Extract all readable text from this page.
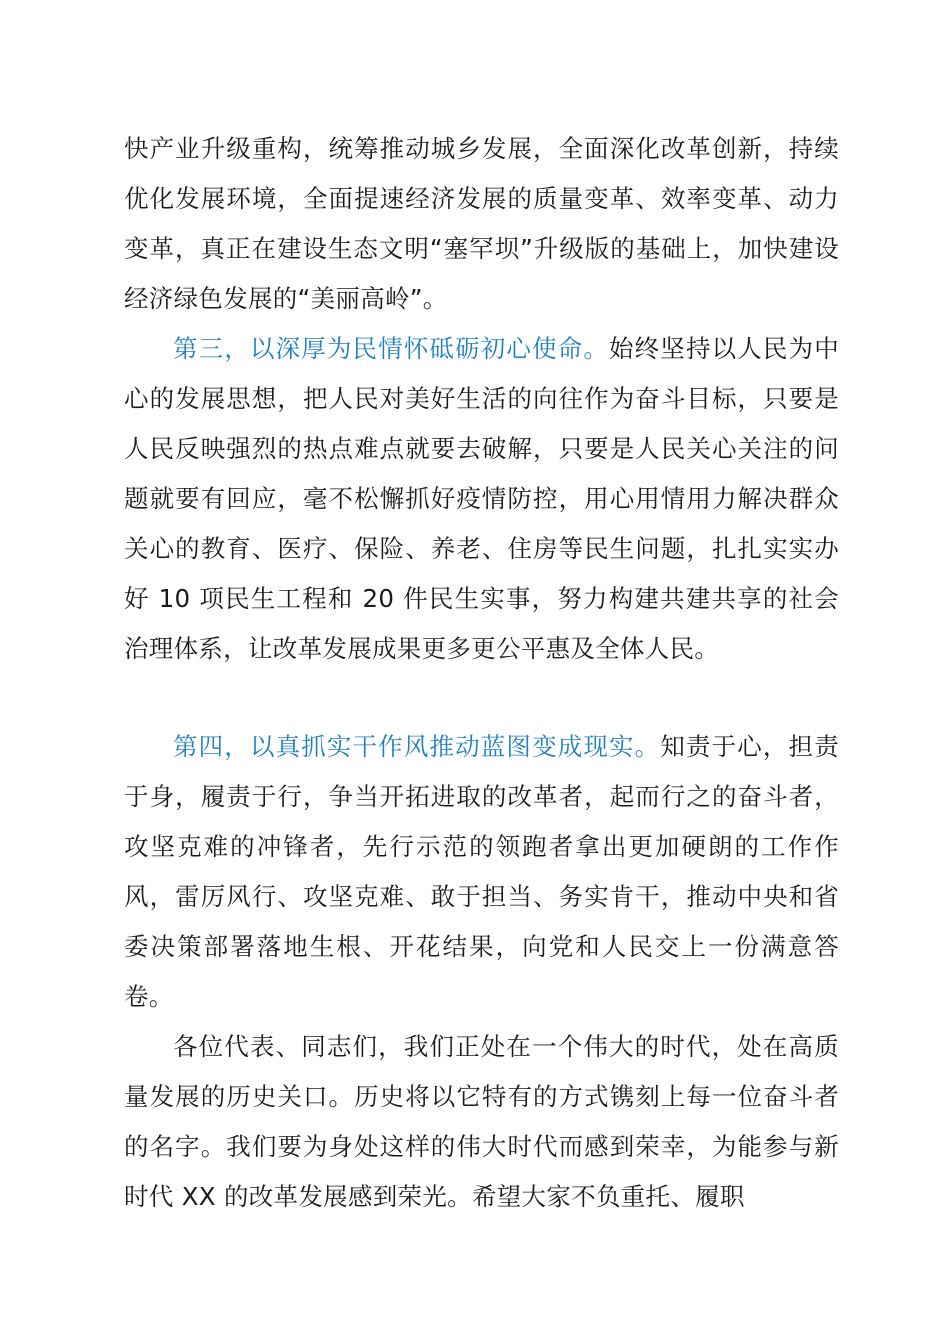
快产业升级重构，统筹推动城乡发展，全面深化改革创新，持续优化发展环境，全面提速经济发展的质量变革、效率变革、动力变革，真正在建设生态文明“塞罕坝”升级版的基础上，加快建设经济绿色发展的“美丽高岭”。

第三，以深厚为民情怀砥砺初心使命。始终坚持以人民为中心的发展思想，把人民对美好生活的向往作为奋斗目标，只要是人民反映强烈的热点难点就要去破解，只要是人民关心关注的问题就要有回应，毫不松懈抓好疫情防控，用心用情用力解决群众关心的教育、医疗、保险、养老、住房等民生问题，扎扎实实办好 10 项民生工程和 20 件民生实事，努力构建共建共享的社会治理体系，让改革发展成果更多更公平惠及全体人民。

第四，以真抓实干作风推动蓝图变成现实。知责于心，担责于身，履责于行，争当开拓进取的改革者，起而行之的奋斗者，攻坚克难的冲锋者，先行示范的领跑者拿出更加硬朗的工作作风，雷厉风行、攻坚克难、敢于担当、务实肯干，推动中央和省委决策部署落地生根、开花结果，向党和人民交上一份满意答卷。

各位代表、同志们，我们正处在一个伟大的时代，处在高质量发展的历史关口。历史将以它特有的方式镌刻上每一位奋斗者的名字。我们要为身处这样的伟大时代而感到荣幸，为能参与新时代 XX 的改革发展感到荣光。希望大家不负重托、履职
